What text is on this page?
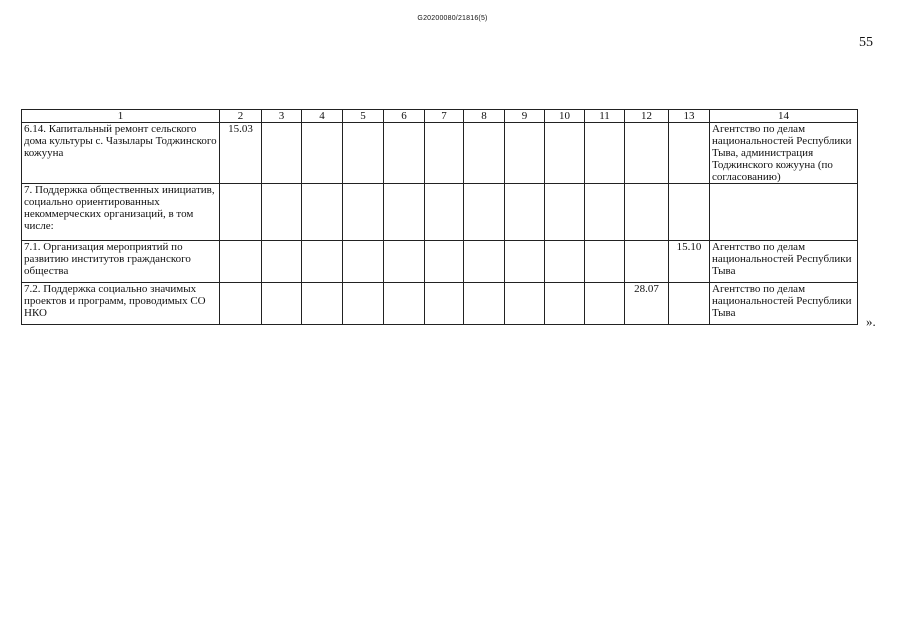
G20200080/21816(5)
55
1	2	3	4	5	6	7	8	9	10	11	12	13	14
6.14. Капитальный ремонт сельского дома культуры с. Чазылары Тоджинского кожууна	15.03												Агентство по делам национальностей Республики Тыва, администрация Тоджинского кожууна (по согласованию)
7. Поддержка общественных инициатив, социально ориентированных некоммерческих организаций, в том числе:													
7.1. Организация мероприятий по развитию институтов гражданского общества												15.10	Агентство по делам национальностей Республики Тыва
7.2. Поддержка социально значимых проектов и программ, проводимых СО НКО											28.07		Агентство по делам национальностей Республики Тыва
».
